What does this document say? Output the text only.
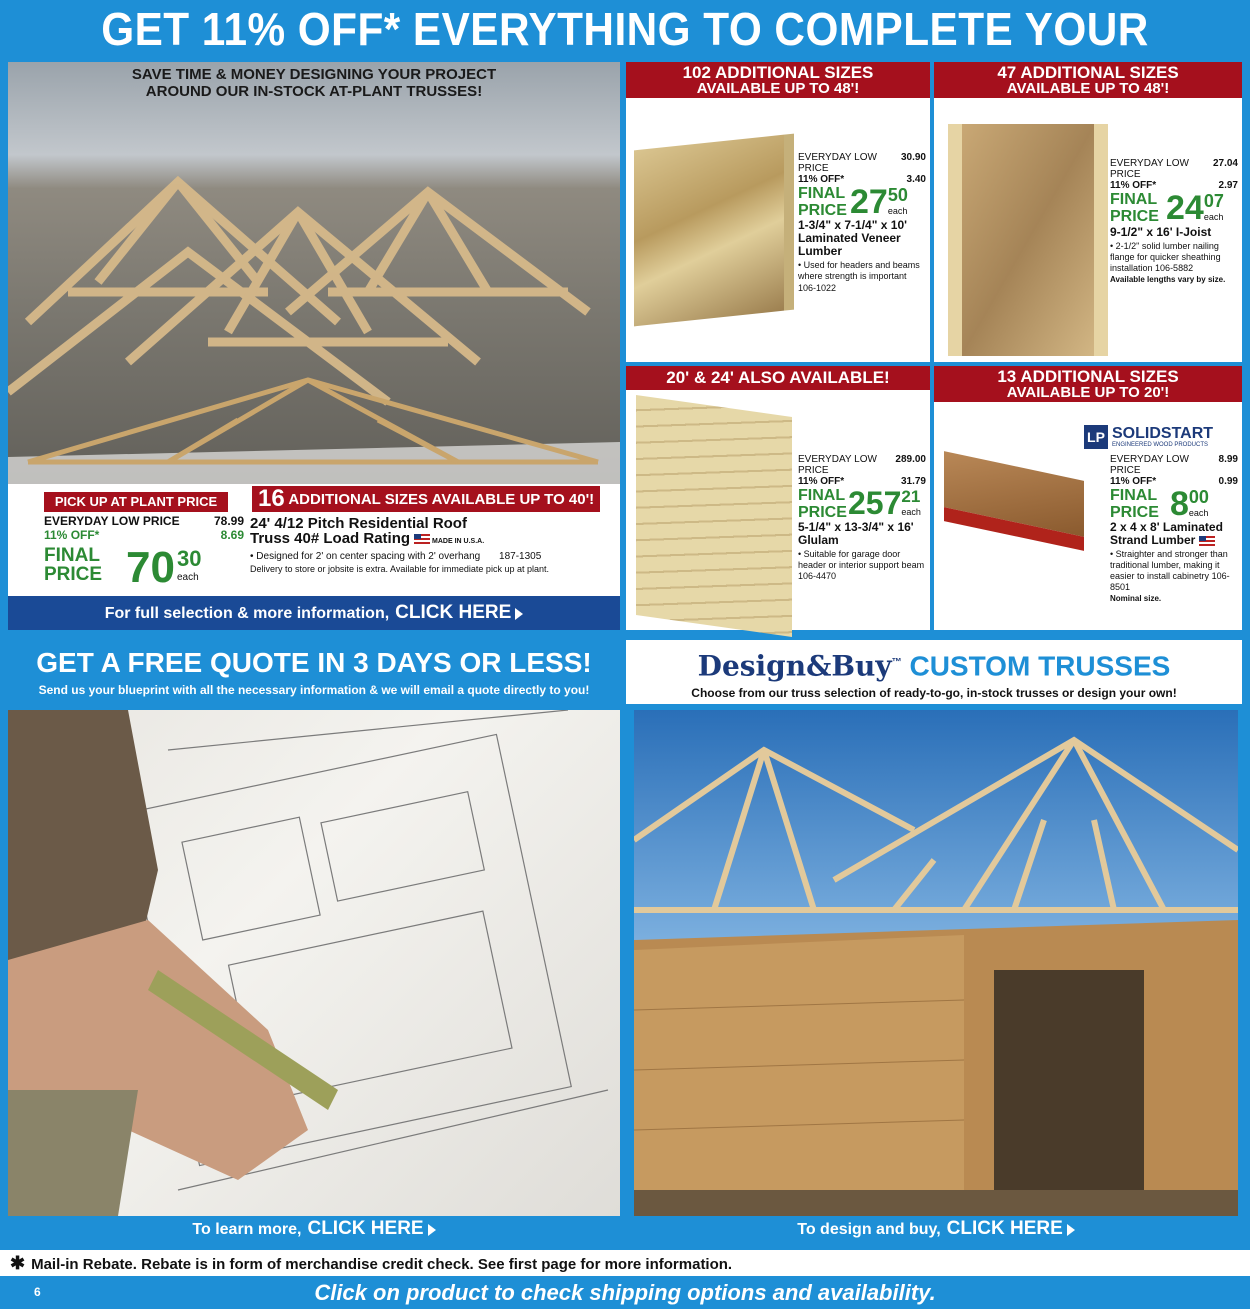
GET 11% OFF* EVERYTHING TO COMPLETE YOUR
SAVE TIME & MONEY DESIGNING YOUR PROJECT
AROUND OUR IN-STOCK AT-PLANT TRUSSES!
PICK UP AT PLANT PRICE	16 ADDITIONAL SIZES AVAILABLE UP TO 40'!
EVERYDAY LOW PRICE	78.99
11% OFF*	8.69
FINAL
PRICE 70 30
each
24' 4/12 Pitch Residential Roof
Truss 40# Load Rating	MADE IN U.S.A.
• Designed for 2' on center spacing with 2' overhang 187-1305
Delivery to store or jobsite is extra. Available for immediate pick up at plant.
For full selection & more information, CLICK HERE
102 ADDITIONAL SIZES
AVAILABLE UP TO 48'!
EVERYDAY LOW PRICE
30.90
11% OFF*	3.40
FINAL
PRICE 27 50
each
1-3/4" x 7-1/4" x 10'
Laminated Veneer
Lumber
• Used for headers and beams where strength is important
106-1022
47 ADDITIONAL SIZES
AVAILABLE UP TO 48'!
EVERYDAY LOW PRICE
27.04
11% OFF*	2.97
FINAL
PRICE 24 07
each
9-1/2" x 16' I-Joist
• 2-1/2" solid lumber nailing flange for quicker sheathing installation 106-5882
Available lengths vary by size.
20' & 24' ALSO AVAILABLE!
EVERYDAY LOW PRICE
289.00
11% OFF*	31.79
FINAL
PRICE 257 21
each
5-1/4" x 13-3/4" x 16'
Glulam
• Suitable for garage door header or interior support beam 106-4470
13 ADDITIONAL SIZES
AVAILABLE UP TO 20'!
LP SOLIDSTART
ENGINEERED WOOD PRODUCTS
EVERYDAY LOW PRICE
8.99
11% OFF*	0.99
FINAL
PRICE 8 00
each
2 x 4 x 8' Laminated
Strand Lumber
• Straighter and stronger than traditional lumber, making it easier to install cabinetry 106-8501
Nominal size.
GET A FREE QUOTE IN 3 DAYS OR LESS!
Send us your blueprint with all the necessary information & we will email a quote directly to you!
To learn more, CLICK HERE
Design&Buy™ CUSTOM TRUSSES
Choose from our truss selection of ready-to-go, in-stock trusses or design your own!
To design and buy, CLICK HERE
✱ Mail-in Rebate. Rebate is in form of merchandise credit check. See first page for more information.
6	Click on product to check shipping options and availability.
